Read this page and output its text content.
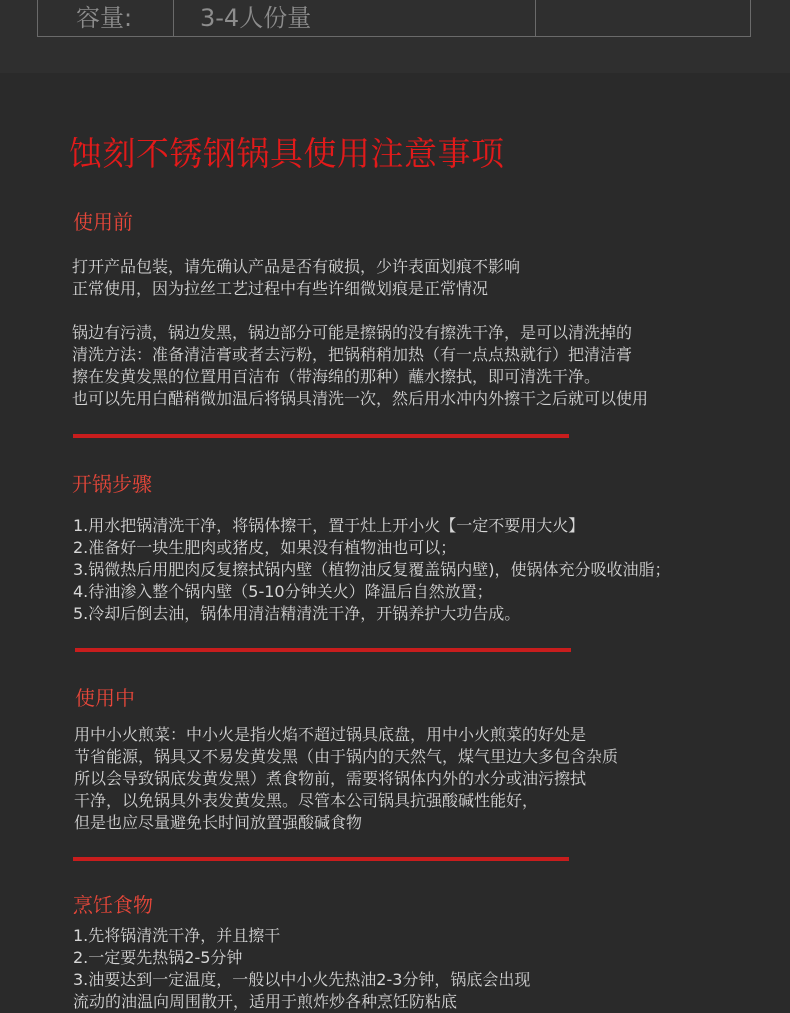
容量:	3-4人份量
蚀刻不锈钢锅具使用注意事项
使用前

打开产品包装，请先确认产品是否有破损，少许表面划痕不影响

正常使用，因为拉丝工艺过程中有些许细微划痕是正常情况

锅边有污渍，锅边发黑，锅边部分可能是擦锅的没有擦洗干净，是可以清洗掉的

清洗方法：准备清洁膏或者去污粉，把锅稍稍加热（有一点点热就行）把清洁膏

擦在发黄发黑的位置用百洁布（带海绵的那种）蘸水擦拭，即可清洗干净。

也可以先用白醋稍微加温后将锅具清洗一次，然后用水冲内外擦干之后就可以使用

开锅步骤

1.用水把锅清洗干净，将锅体擦干，置于灶上开小火【一定不要用大火】

2.准备好一块生肥肉或猪皮，如果没有植物油也可以；

3.锅微热后用肥肉反复擦拭锅内壁（植物油反复覆盖锅内壁)，使锅体充分吸收油脂；

4.待油渗入整个锅内壁（5-10分钟关火）降温后自然放置；

5.冷却后倒去油，锅体用清洁精清洗干净，开锅养护大功告成。

使用中

用中小火煎菜：中小火是指火焰不超过锅具底盘，用中小火煎菜的好处是

节省能源，锅具又不易发黄发黑（由于锅内的天然气，煤气里边大多包含杂质

所以会导致锅底发黄发黑）煮食物前，需要将锅体内外的水分或油污擦拭

干净，以免锅具外表发黄发黑。尽管本公司锅具抗强酸碱性能好，

但是也应尽量避免长时间放置强酸碱食物

烹饪食物

1.先将锅清洗干净，并且擦干

2.一定要先热锅2-5分钟

3.油要达到一定温度，一般以中小火先热油2-3分钟，锅底会出现

流动的油温向周围散开，适用于煎炸炒各种烹饪防粘底
